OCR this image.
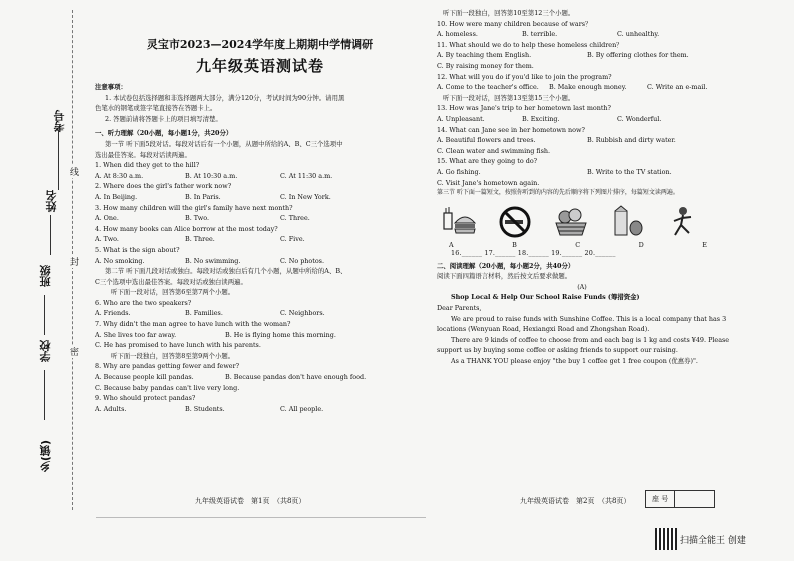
考号
姓名
班级
学校
乡(镇)
线
封
密
灵宝市2023—2024学年度上期期中学情调研
九年级英语测试卷
注意事项：
1. 本试卷包括选择题和非选择题两大部分，满分120分，考试时间为90分钟。请用黑
色笔水的钢笔或签字笔直接答在答题卡上。
2. 答题前请将答题卡上的项目填写清楚。
一、听力理解（20小题，每小题1分，共20分）
第一节 听下面5段对话。每段对话后有一个小题，从题中所给的A、B、C三个选项中
选出最佳答案。每段对话读两遍。
1. When did they get to the hill?
A. At 8:30 a.m.	B. At 10:30 a.m.	C. At 11:30 a.m.
2. Where does the girl's father work now?
A. In Beijing.	B. In Paris.	C. In New York.
3. How many children will the girl's family have next month?
A. One.	B. Two.	C. Three.
4. How many books can Alice borrow at the most today?
A. Two.	B. Three.	C. Five.
5. What is the sign about?
A. No smoking.	B. No swimming.	C. No photos.
第二节 听下面几段对话或独白。每段对话或独白后有几个小题，从题中所给的A、B、
C三个选项中选出最佳答案。每段对话或独白读两遍。
听下面一段对话，回答第6至第7两个小题。
6. Who are the two speakers?
A. Friends.	B. Families.	C. Neighbors.
7. Why didn't the man agree to have lunch with the woman?
A. She lives too far away.	B. He is flying home this morning.
C. He has promised to have lunch with his parents.
听下面一段独白，回答第8至第9两个小题。
8. Why are pandas getting fewer and fewer?
A. Because people kill pandas.	B. Because pandas don't have enough food.
C. Because baby pandas can't live very long.
9. Who should protect pandas?
A. Adults.	B. Students.	C. All people.
九年级英语试卷　第1页　（共8页）
听下面一段独白，回答第10至第12三个小题。
10. How were many children because of wars？
A. homeless.	B. terrible.	C. unhealthy.
11. What should we do to help these homeless children？
A. By teaching them English.	B. By offering clothes for them.
C. By raising money for them.
12. What will you do if you'd like to join the program?
A. Come to the teacher's office.	B. Make enough money.	C. Write an e-mail.
听下面一段对话，回答第13至第15三个小题。
13. How was Jane's trip to her hometown last month?
A. Unpleasant.	B. Exciting.	C. Wonderful.
14. What can Jane see in her hometown now?
A. Beautiful flowers and trees.	B. Rubbish and dirty water.
C. Clean water and swimming fish.
15. What are they going to do?
A. Go fishing.	B. Write to the TV station.
C. Visit Jane's hometown again.
第三节 听下面一篇短文，按照你听到的内容的先后顺序将下列图片排序，每篇短文读两遍。
A	B	C	D	E
16.______ 17.______ 18.______ 19.______ 20.______
二、阅读理解（20小题，每小题2分，共40分）
阅读下面四篇语言材料，然后按文后要求做题。
(A)
Shop Local & Help Our School Raise Funds (筹措资金)
Dear Parents,
We are proud to raise funds with Sunshine Coffee. This is a local company that has 3
locations (Wenyuan Road, Hexiangxi Road and Zhongshan Road).
There are 9 kinds of coffee to choose from and each bag is 1 kg and costs ¥49. Please
support us by buying some coffee or asking friends to support our raising.
As a THANK YOU please enjoy "the buy 1 coffee get 1 free coupon (优惠券)".
九年级英语试卷　第2页　（共8页）	座 号
扫描全能王 创建
